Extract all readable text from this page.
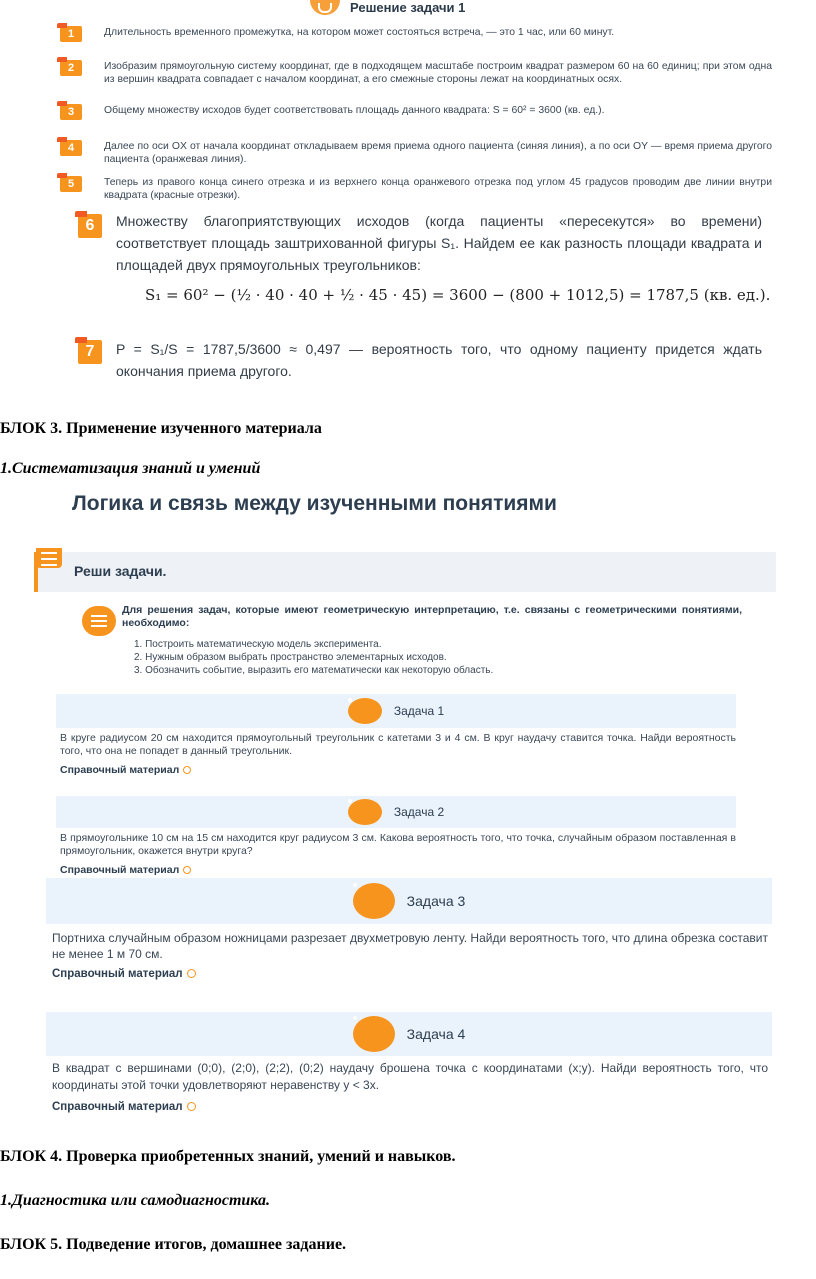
Решение задачи 1
1	Длительность временного промежутка, на котором может состояться встреча, — это 1 час, или 60 минут.
2	Изобразим прямоугольную систему координат, где в подходящем масштабе построим квадрат размером 60 на 60 единиц; при этом одна из вершин квадрата совпадает с началом координат, а его смежные стороны лежат на координатных осях.
3	Общему множеству исходов будет соответствовать площадь данного квадрата: S = 60² = 3600 (кв. ед.).
4	Далее по оси OX от начала координат откладываем время приема одного пациента (синяя линия), а по оси OY — время приема другого пациента (оранжевая линия).
5	Теперь из правого конца синего отрезка и из верхнего конца оранжевого отрезка под углом 45 градусов проводим две линии внутри квадрата (красные отрезки).
6	Множеству благоприятствующих исходов (когда пациенты «пересекутся» во времени) соответствует площадь заштрихованной фигуры S₁. Найдем ее как разность площади квадрата и площадей двух прямоугольных треугольников:
S₁ = 60² − (½ · 40 · 40 + ½ · 45 · 45) = 3600 − (800 + 1012,5) = 1787,5 (кв. ед.).
7	P = S₁/S = 1787,5/3600 ≈ 0,497 — вероятность того, что одному пациенту придется ждать окончания приема другого.
БЛОК 3. Применение изученного материала
1.Систематизация знаний и умений
Логика и связь между изученными понятиями
Реши задачи.
Для решения задач, которые имеют геометрическую интерпретацию, т.е. связаны с геометрическими понятиями, необходимо:
1. Построить математическую модель эксперимента.
2. Нужным образом выбрать пространство элементарных исходов.
3. Обозначить событие, выразить его математически как некоторую область.
Задача 1
В круге радиусом 20 см находится прямоугольный треугольник с катетами 3 и 4 см. В круг наудачу ставится точка. Найди вероятность того, что она не попадет в данный треугольник.
Справочный материал
Задача 2
В прямоугольнике 10 см на 15 см находится круг радиусом 3 см. Какова вероятность того, что точка, случайным образом поставленная в прямоугольник, окажется внутри круга?
Справочный материал
Задача 3
Портниха случайным образом ножницами разрезает двухметровую ленту. Найди вероятность того, что длина обрезка составит не менее 1 м 70 см.
Справочный материал
Задача 4
В квадрат с вершинами (0;0), (2;0), (2;2), (0;2) наудачу брошена точка с координатами (x;y). Найди вероятность того, что координаты этой точки удовлетворяют неравенству y < 3x.
Справочный материал
БЛОК 4. Проверка приобретенных знаний, умений и навыков.
1.Диагностика или самодиагностика.
БЛОК 5. Подведение итогов, домашнее задание.
